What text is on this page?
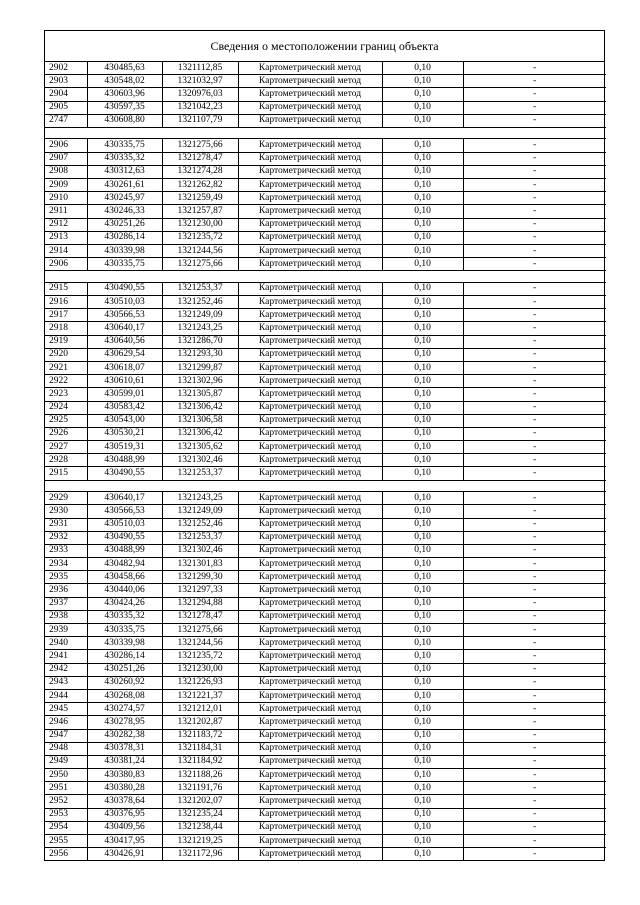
Сведения о местоположении границ объекта
2902	430485,63	1321112,85	Картометрический метод	0,10	-
2903	430548,02	1321032,97	Картометрический метод	0,10	-
2904	430603,96	1320976,03	Картометрический метод	0,10	-
2905	430597,35	1321042,23	Картометрический метод	0,10	-
2747	430608,80	1321107,79	Картометрический метод	0,10	-

2906	430335,75	1321275,66	Картометрический метод	0,10	-
2907	430335,32	1321278,47	Картометрический метод	0,10	-
2908	430312,63	1321274,28	Картометрический метод	0,10	-
2909	430261,61	1321262,82	Картометрический метод	0,10	-
2910	430245,97	1321259,49	Картометрический метод	0,10	-
2911	430246,33	1321257,87	Картометрический метод	0,10	-
2912	430251,26	1321230,00	Картометрический метод	0,10	-
2913	430286,14	1321235,72	Картометрический метод	0,10	-
2914	430339,98	1321244,56	Картометрический метод	0,10	-
2906	430335,75	1321275,66	Картометрический метод	0,10	-

2915	430490,55	1321253,37	Картометрический метод	0,10	-
2916	430510,03	1321252,46	Картометрический метод	0,10	-
2917	430566,53	1321249,09	Картометрический метод	0,10	-
2918	430640,17	1321243,25	Картометрический метод	0,10	-
2919	430640,56	1321286,70	Картометрический метод	0,10	-
2920	430629,54	1321293,30	Картометрический метод	0,10	-
2921	430618,07	1321299,87	Картометрический метод	0,10	-
2922	430610,61	1321302,96	Картометрический метод	0,10	-
2923	430599,01	1321305,87	Картометрический метод	0,10	-
2924	430583,42	1321306,42	Картометрический метод	0,10	-
2925	430543,00	1321306,58	Картометрический метод	0,10	-
2926	430530,21	1321306,42	Картометрический метод	0,10	-
2927	430519,31	1321305,62	Картометрический метод	0,10	-
2928	430488,99	1321302,46	Картометрический метод	0,10	-
2915	430490,55	1321253,37	Картометрический метод	0,10	-

2929	430640,17	1321243,25	Картометрический метод	0,10	-
2930	430566,53	1321249,09	Картометрический метод	0,10	-
2931	430510,03	1321252,46	Картометрический метод	0,10	-
2932	430490,55	1321253,37	Картометрический метод	0,10	-
2933	430488,99	1321302,46	Картометрический метод	0,10	-
2934	430482,94	1321301,83	Картометрический метод	0,10	-
2935	430458,66	1321299,30	Картометрический метод	0,10	-
2936	430440,06	1321297,33	Картометрический метод	0,10	-
2937	430424,26	1321294,88	Картометрический метод	0,10	-
2938	430335,32	1321278,47	Картометрический метод	0,10	-
2939	430335,75	1321275,66	Картометрический метод	0,10	-
2940	430339,98	1321244,56	Картометрический метод	0,10	-
2941	430286,14	1321235,72	Картометрический метод	0,10	-
2942	430251,26	1321230,00	Картометрический метод	0,10	-
2943	430260,92	1321226,93	Картометрический метод	0,10	-
2944	430268,08	1321221,37	Картометрический метод	0,10	-
2945	430274,57	1321212,01	Картометрический метод	0,10	-
2946	430278,95	1321202,87	Картометрический метод	0,10	-
2947	430282,38	1321183,72	Картометрический метод	0,10	-
2948	430378,31	1321184,31	Картометрический метод	0,10	-
2949	430381,24	1321184,92	Картометрический метод	0,10	-
2950	430380,83	1321188,26	Картометрический метод	0,10	-
2951	430380,28	1321191,76	Картометрический метод	0,10	-
2952	430378,64	1321202,07	Картометрический метод	0,10	-
2953	430376,95	1321235,24	Картометрический метод	0,10	-
2954	430409,56	1321238,44	Картометрический метод	0,10	-
2955	430417,95	1321219,25	Картометрический метод	0,10	-
2956	430426,91	1321172,96	Картометрический метод	0,10	-
